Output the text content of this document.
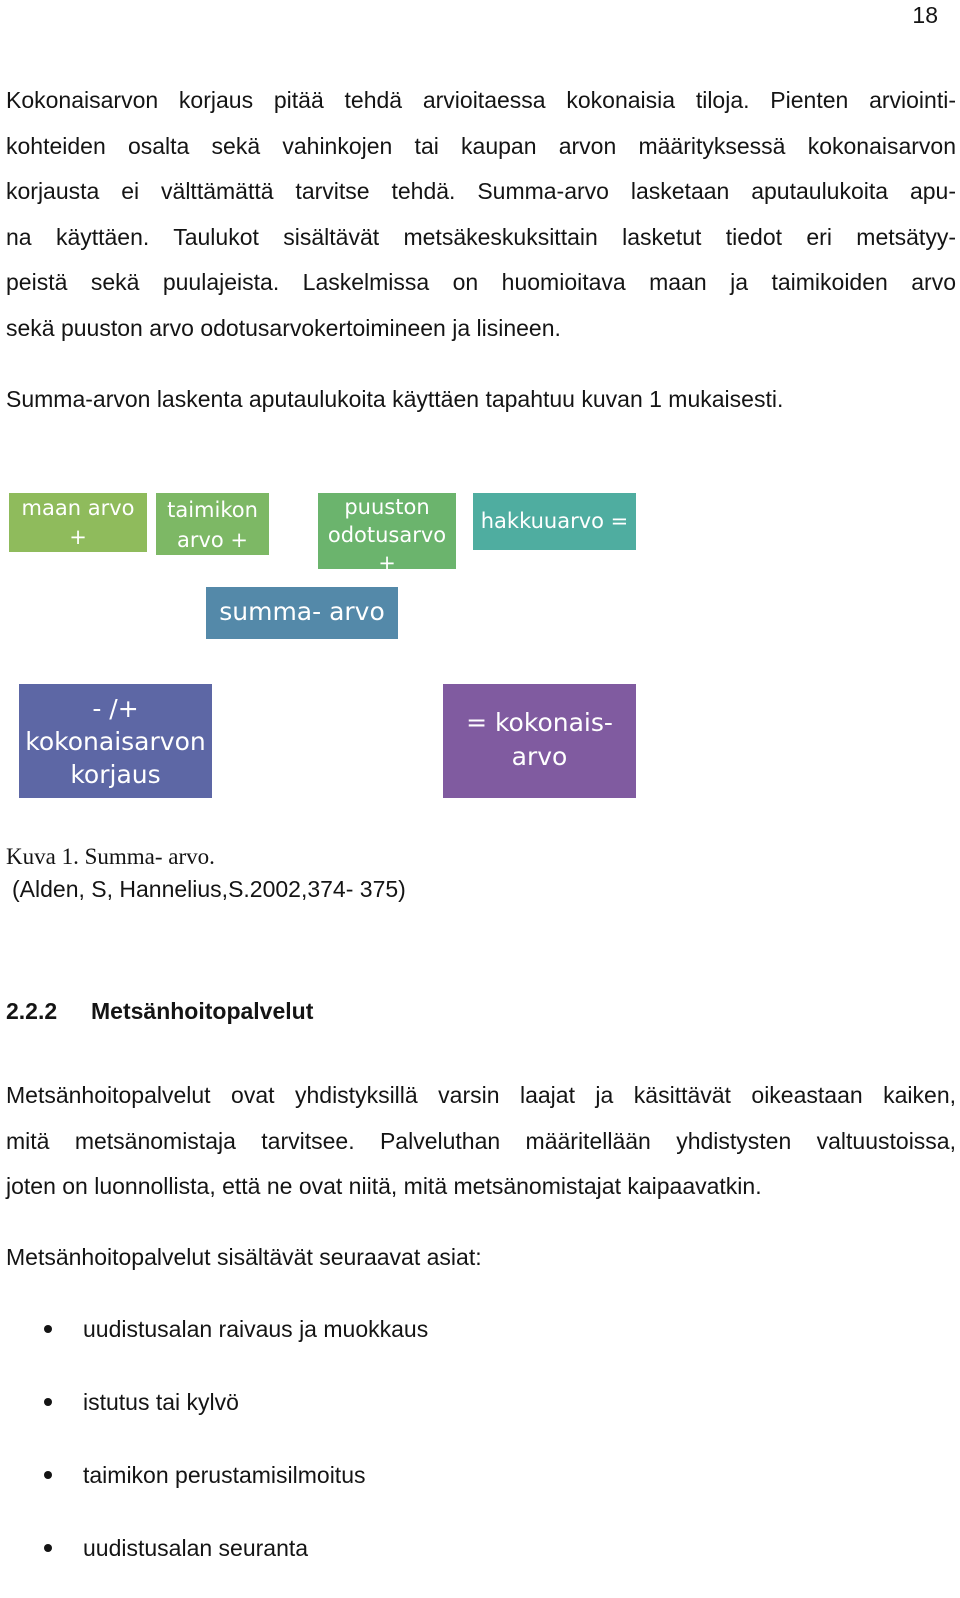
18

Kokonaisarvon korjaus pitää tehdä arvioitaessa kokonaisia tiloja. Pienten arviointi-
kohteiden osalta sekä vahinkojen tai kaupan arvon määrityksessä kokonaisarvon
korjausta ei välttämättä tarvitse tehdä. Summa-arvo lasketaan aputaulukoita apu-
na käyttäen. Taulukot sisältävät metsäkeskuksittain lasketut tiedot eri metsätyy-
peistä sekä puulajeista. Laskelmissa on huomioitava maan ja taimikoiden arvo
sekä puuston arvo odotusarvokertoimineen ja lisineen.

Summa-arvon laskenta aputaulukoita käyttäen tapahtuu kuvan 1 mukaisesti.

maan arvo
+
taimikon
arvo +
puuston
odotusarvo
+
hakkuuarvo =
summa- arvo
- /+
kokonaisarvon
korjaus
= kokonais-
arvo

Kuva 1. Summa- arvo.

(Alden, S, Hannelius,S.2002,374- 375)

2.2.2 Metsänhoitopalvelut

Metsänhoitopalvelut ovat yhdistyksillä varsin laajat ja käsittävät oikeastaan kaiken,
mitä metsänomistaja tarvitsee. Palveluthan määritellään yhdistysten valtuustoissa,
joten on luonnollista, että ne ovat niitä, mitä metsänomistajat kaipaavatkin.

Metsänhoitopalvelut sisältävät seuraavat asiat:

uudistusalan raivaus ja muokkaus
istutus tai kylvö
taimikon perustamisilmoitus
uudistusalan seuranta
